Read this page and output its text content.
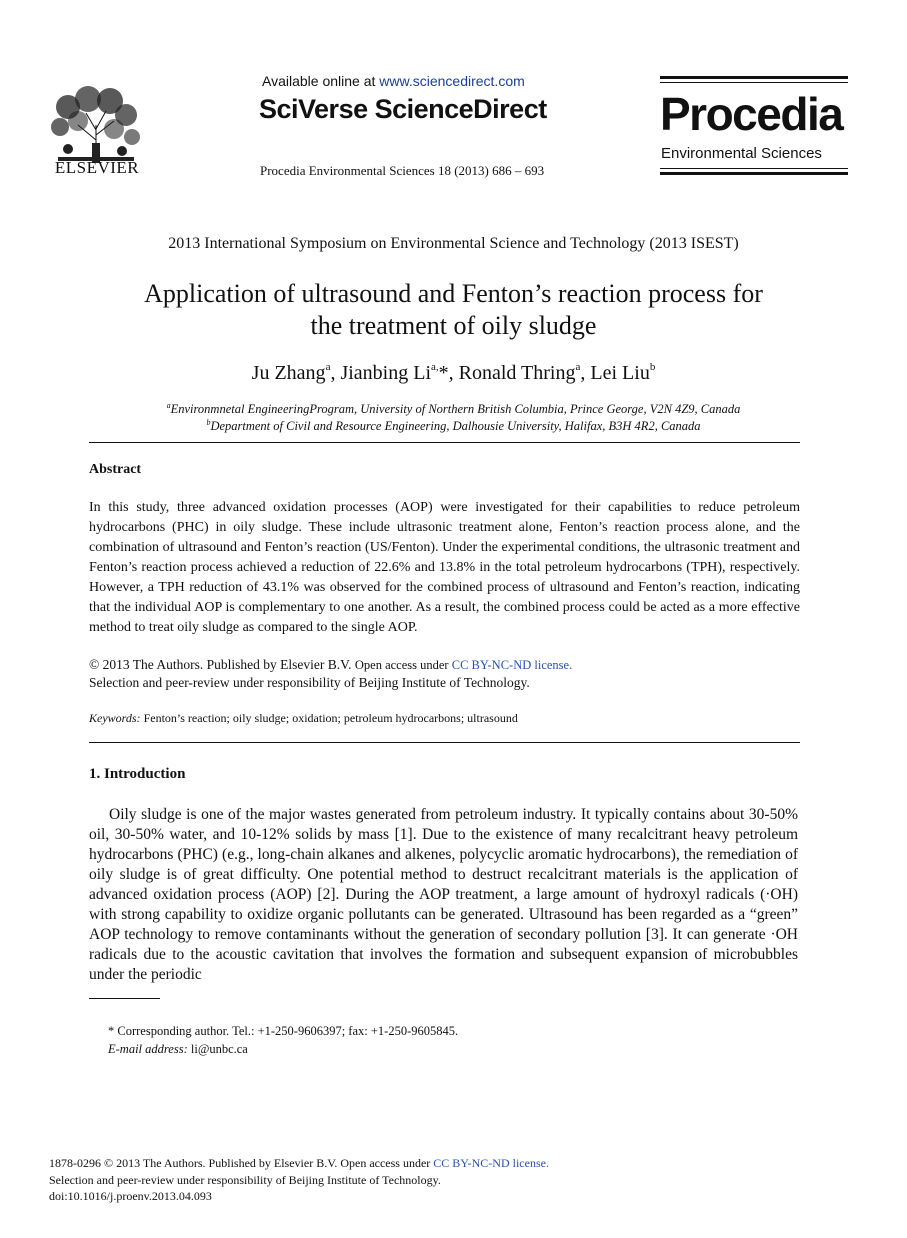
ELSEVIER
Available online at www.sciencedirect.com
SciVerse ScienceDirect
Procedia Environmental Sciences 18 (2013) 686 – 693
Procedia
Environmental Sciences
2013 International Symposium on Environmental Science and Technology (2013 ISEST)
Application of ultrasound and Fenton’s reaction process for
the treatment of oily sludge
Ju Zhang$^a$, Jianbing $Li^{a,}*$, Ronald Thring$^a$, Lei Liu$^b$
$^a$Environmnetal EngineeringProgram, University of Northern British Columbia, Prince George, V2N 4Z9, Canada
$^b$Department of Civil and Resource Engineering, Dalhousie University, Halifax, B3H 4R2, Canada
Abstract
In this study, three advanced oxidation processes (AOP) were investigated for their capabilities to reduce petroleum hydrocarbons (PHC) in oily sludge. These include ultrasonic treatment alone, Fenton’s reaction process alone, and the combination of ultrasound and Fenton’s reaction (US/Fenton). Under the experimental conditions, the ultrasonic treatment and Fenton’s reaction process achieved a reduction of 22.6% and 13.8% in the total petroleum hydrocarbons (TPH), respectively. However, a TPH reduction of 43.1% was observed for the combined process of ultrasound and Fenton’s reaction, indicating that the individual AOP is complementary to one another. As a result, the combined process could be acted as a more effective method to treat oily sludge as compared to the single AOP.
© 2013 The Authors. Published by Elsevier B.V. Open access under CC BY-NC-ND license.
Selection and peer-review under responsibility of Beijing Institute of Technology.
Keywords: Fenton’s reaction; oily sludge; oxidation; petroleum hydrocarbons; ultrasound
1. Introduction
Oily sludge is one of the major wastes generated from petroleum industry. It typically contains about 30-50% oil, 30-50% water, and 10-12% solids by mass [1]. Due to the existence of many recalcitrant heavy petroleum hydrocarbons (PHC) (e.g., long-chain alkanes and alkenes, polycyclic aromatic hydrocarbons), the remediation of oily sludge is of great difficulty. One potential method to destruct recalcitrant materials is the application of advanced oxidation process (AOP) [2]. During the AOP treatment, a large amount of hydroxyl radicals (·OH) with strong capability to oxidize organic pollutants can be generated. Ultrasound has been regarded as a “green” AOP technology to remove contaminants without the generation of secondary pollution [3]. It can generate ·OH radicals due to the acoustic cavitation that involves the formation and subsequent expansion of microbubbles under the periodic
* Corresponding author. Tel.: +1-250-9606397; fax: +1-250-9605845.
E-mail address: li@unbc.ca
1878-0296 © 2013 The Authors. Published by Elsevier B.V. Open access under CC BY-NC-ND license.
Selection and peer-review under responsibility of Beijing Institute of Technology.
doi:10.1016/j.proenv.2013.04.093
